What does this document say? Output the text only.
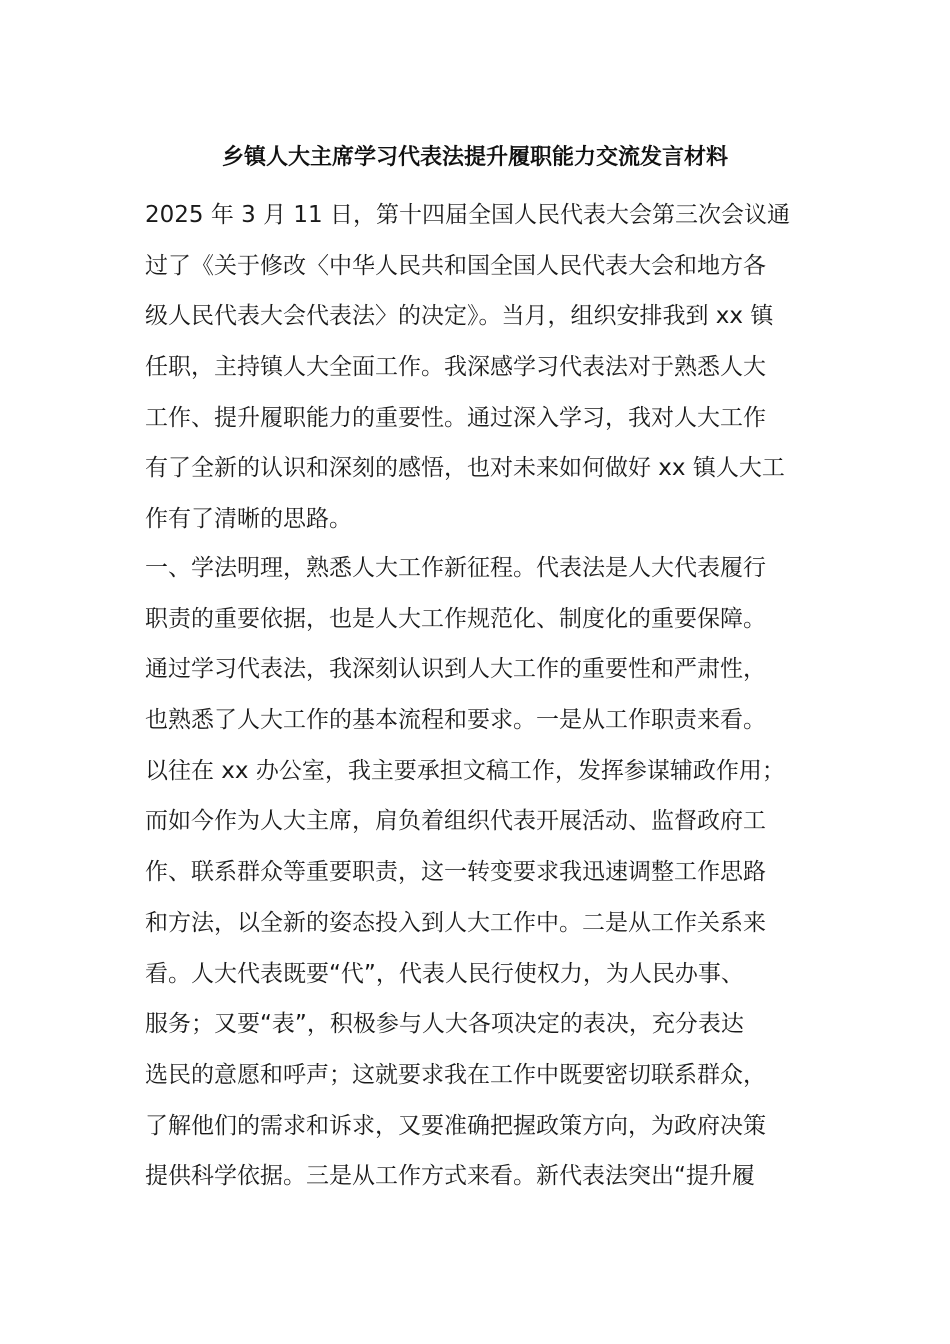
乡镇人大主席学习代表法提升履职能力交流发言材料
2025 年 3 月 11 日，第十四届全国人民代表大会第三次会议通
过了《关于修改〈中华人民共和国全国人民代表大会和地方各
级人民代表大会代表法〉的决定》。当月，组织安排我到 xx 镇
任职，主持镇人大全面工作。我深感学习代表法对于熟悉人大
工作、提升履职能力的重要性。通过深入学习，我对人大工作
有了全新的认识和深刻的感悟，也对未来如何做好 xx 镇人大工
作有了清晰的思路。
一、学法明理，熟悉人大工作新征程。代表法是人大代表履行
职责的重要依据，也是人大工作规范化、制度化的重要保障。
通过学习代表法，我深刻认识到人大工作的重要性和严肃性，
也熟悉了人大工作的基本流程和要求。一是从工作职责来看。
以往在 xx 办公室，我主要承担文稿工作，发挥参谋辅政作用；
而如今作为人大主席，肩负着组织代表开展活动、监督政府工
作、联系群众等重要职责，这一转变要求我迅速调整工作思路
和方法，以全新的姿态投入到人大工作中。二是从工作关系来
看。人大代表既要“代”，代表人民行使权力，为人民办事、
服务；又要“表”，积极参与人大各项决定的表决，充分表达
选民的意愿和呼声；这就要求我在工作中既要密切联系群众，
了解他们的需求和诉求，又要准确把握政策方向，为政府决策
提供科学依据。三是从工作方式来看。新代表法突出“提升履
